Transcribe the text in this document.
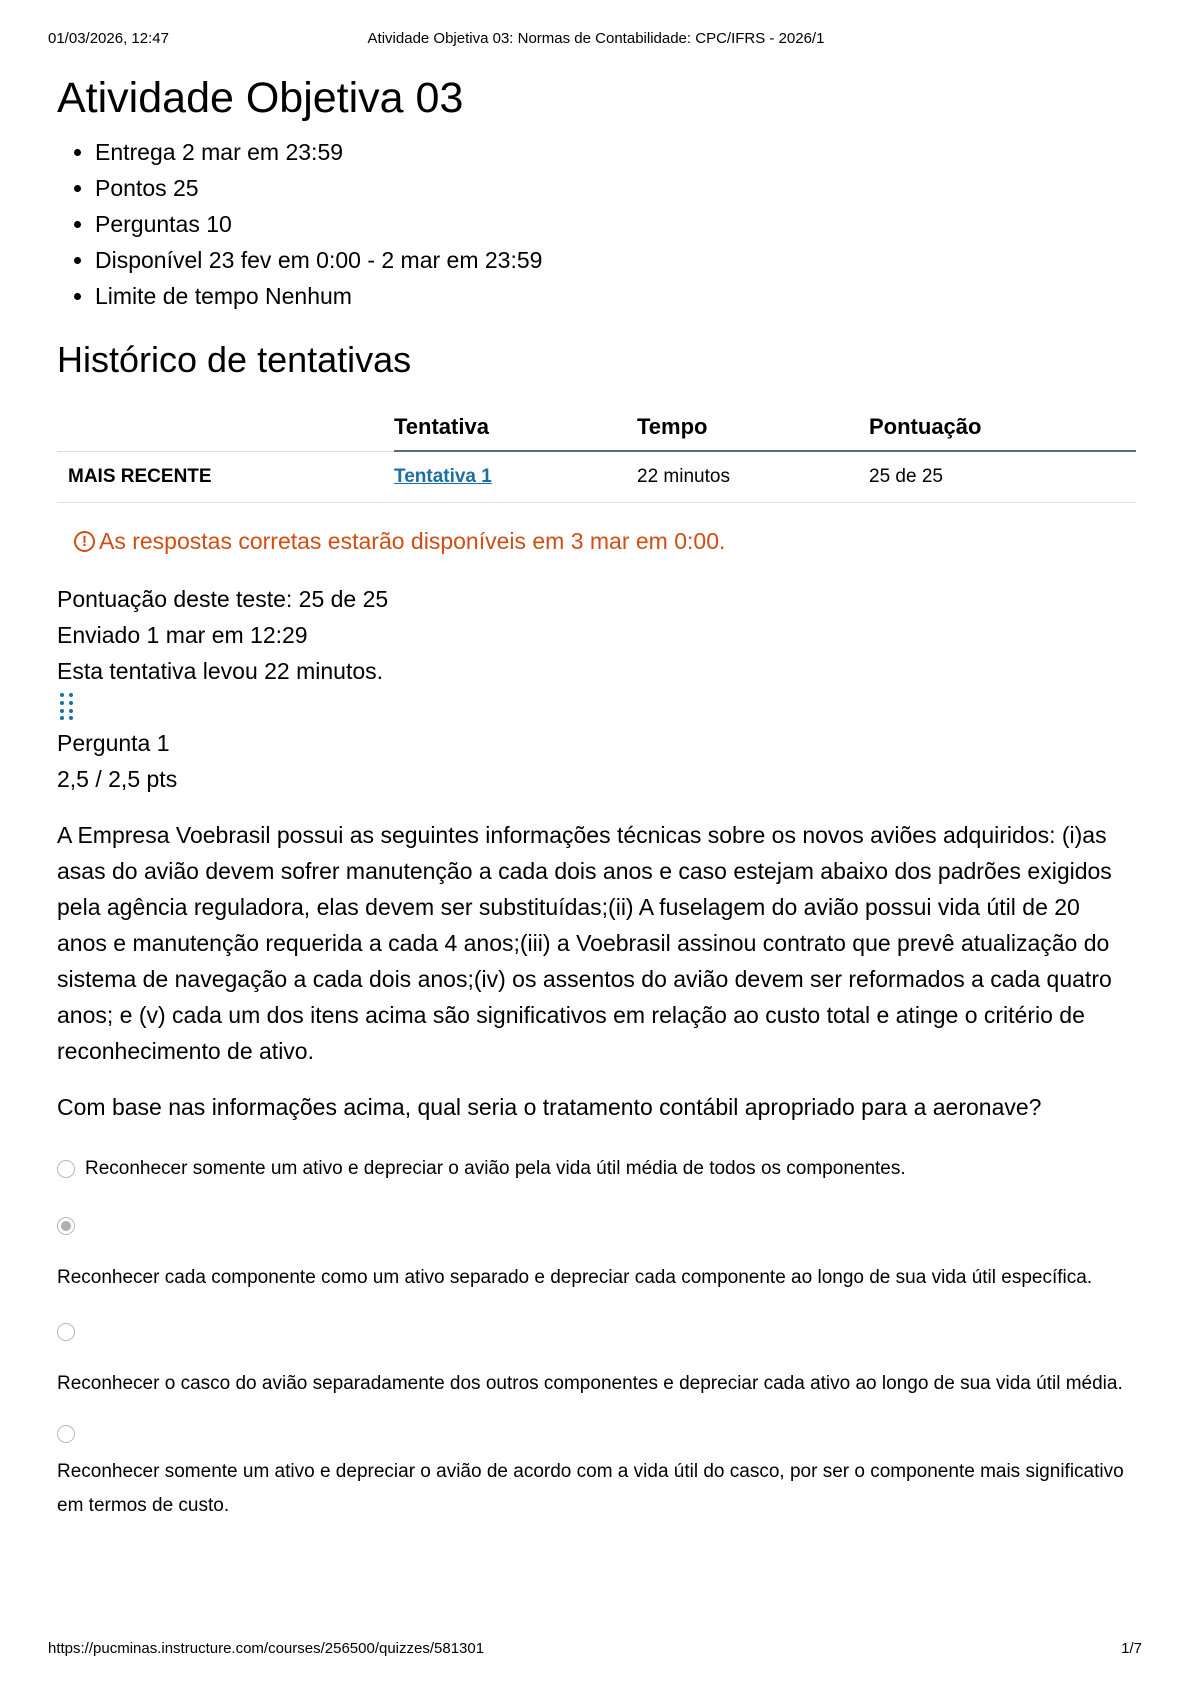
01/03/2026, 12:47	Atividade Objetiva 03: Normas de Contabilidade: CPC/IFRS - 2026/1
Atividade Objetiva 03
• Entrega 2 mar em 23:59
• Pontos 25
• Perguntas 10
• Disponível 23 fev em 0:00 - 2 mar em 23:59
• Limite de tempo Nenhum
Histórico de tentativas
	Tentativa	Tempo	Pontuação
MAIS RECENTE	Tentativa 1	22 minutos	25 de 25
! As respostas corretas estarão disponíveis em 3 mar em 0:00.
Pontuação deste teste: 25 de 25
Enviado 1 mar em 12:29
Esta tentativa levou 22 minutos.
Pergunta 1
2,5 / 2,5 pts
A Empresa Voebrasil possui as seguintes informações técnicas sobre os novos aviões adquiridos: (i)as asas do avião devem sofrer manutenção a cada dois anos e caso estejam abaixo dos padrões exigidos pela agência reguladora, elas devem ser substituídas;(ii) A fuselagem do avião possui vida útil de 20 anos e manutenção requerida a cada 4 anos;(iii) a Voebrasil assinou contrato que prevê atualização do sistema de navegação a cada dois anos;(iv) os assentos do avião devem ser reformados a cada quatro anos; e (v) cada um dos itens acima são significativos em relação ao custo total e atinge o critério de reconhecimento de ativo.
Com base nas informações acima, qual seria o tratamento contábil apropriado para a aeronave?
Reconhecer somente um ativo e depreciar o avião pela vida útil média de todos os componentes.
Reconhecer cada componente como um ativo separado e depreciar cada componente ao longo de sua vida útil específica.
Reconhecer o casco do avião separadamente dos outros componentes e depreciar cada ativo ao longo de sua vida útil média.
Reconhecer somente um ativo e depreciar o avião de acordo com a vida útil do casco, por ser o componente mais significativo em termos de custo.
https://pucminas.instructure.com/courses/256500/quizzes/581301	1/7
